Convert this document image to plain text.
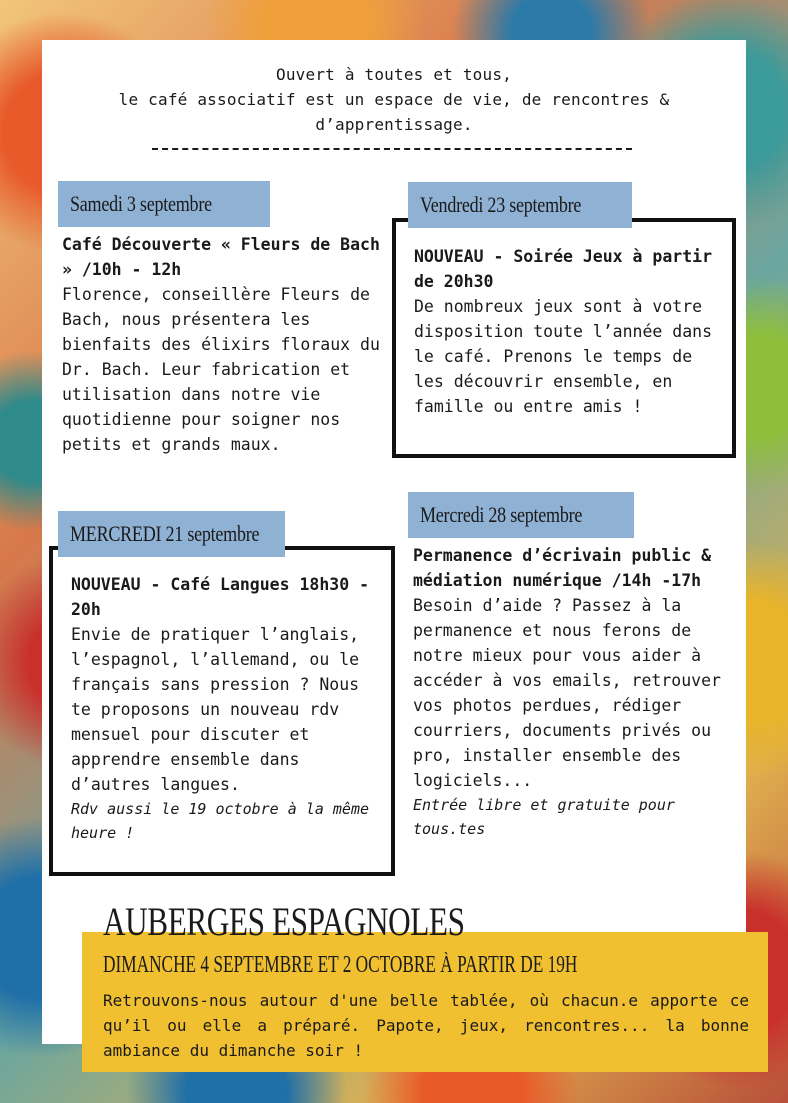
Ouvert à toutes et tous,
le café associatif est un espace de vie, de rencontres &
d’apprentissage.
Samedi 3 septembre
Café Découverte « Fleurs de Bach » /10h - 12h
Florence, conseillère Fleurs de Bach, nous présentera les bienfaits des élixirs floraux du Dr. Bach. Leur fabrication et utilisation dans notre vie quotidienne pour soigner nos petits et grands maux.
NOUVEAU - Soirée Jeux à partir de 20h30
De nombreux jeux sont à votre disposition toute l’année dans le café. Prenons le temps de les découvrir ensemble, en famille ou entre amis !
Vendredi 23 septembre
NOUVEAU - Café Langues 18h30 - 20h
Envie de pratiquer l’anglais, l’espagnol, l’allemand, ou le français sans pression ? Nous te proposons un nouveau rdv mensuel pour discuter et apprendre ensemble dans d’autres langues.
Rdv aussi le 19 octobre à la même heure !
MERCREDI 21 septembre
Mercredi 28 septembre
Permanence d’écrivain public & médiation numérique /14h -17h
Besoin d’aide ? Passez à la permanence et nous ferons de notre mieux pour vous aider à accéder à vos emails, retrouver vos photos perdues, rédiger courriers, documents privés ou pro, installer ensemble des logiciels...
Entrée libre et gratuite pour tous.tes
AUBERGES ESPAGNOLES
DIMANCHE 4 SEPTEMBRE ET 2 OCTOBRE À PARTIR DE 19H
Retrouvons-nous autour d'une belle tablée, où chacun.e apporte ce qu’il ou elle a préparé. Papote, jeux, rencontres... la bonne ambiance du dimanche soir !
